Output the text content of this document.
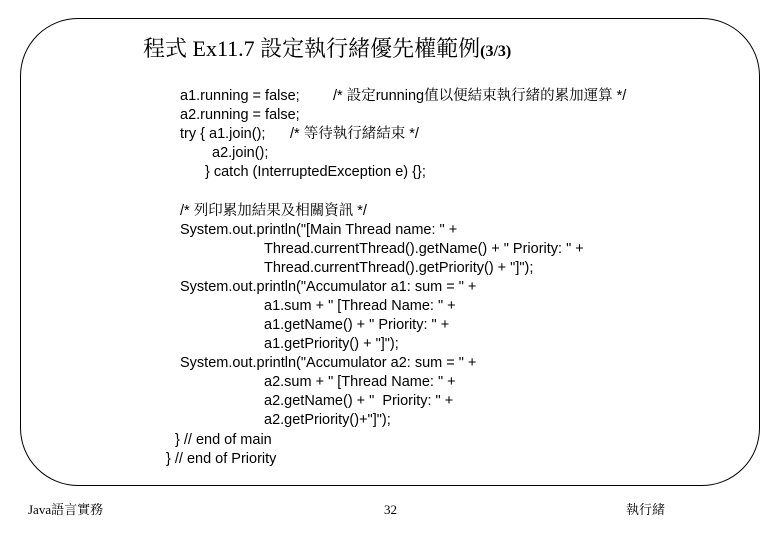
程式 Ex11.7 設定執行緒優先權範例(3/3)
a1.running = false; /* 設定running值以便結束執行緒的累加運算 */
a2.running = false;
try { a1.join(); /* 等待執行緒結束 */
a2.join();
} catch (InterruptedException e) {};
/* 列印累加結果及相關資訊 */
System.out.println("[Main Thread name: " +
Thread.currentThread().getName() + " Priority: " +
Thread.currentThread().getPriority() + "]");
System.out.println("Accumulator a1: sum = " +
a1.sum + " [Thread Name: " +
a1.getName() + " Priority: " +
a1.getPriority() + "]");
System.out.println("Accumulator a2: sum = " +
a2.sum + " [Thread Name: " +
a2.getName() + "  Priority: " +
a2.getPriority()+"]");
} // end of main
} // end of Priority
Java語言實務	32	執行緒
